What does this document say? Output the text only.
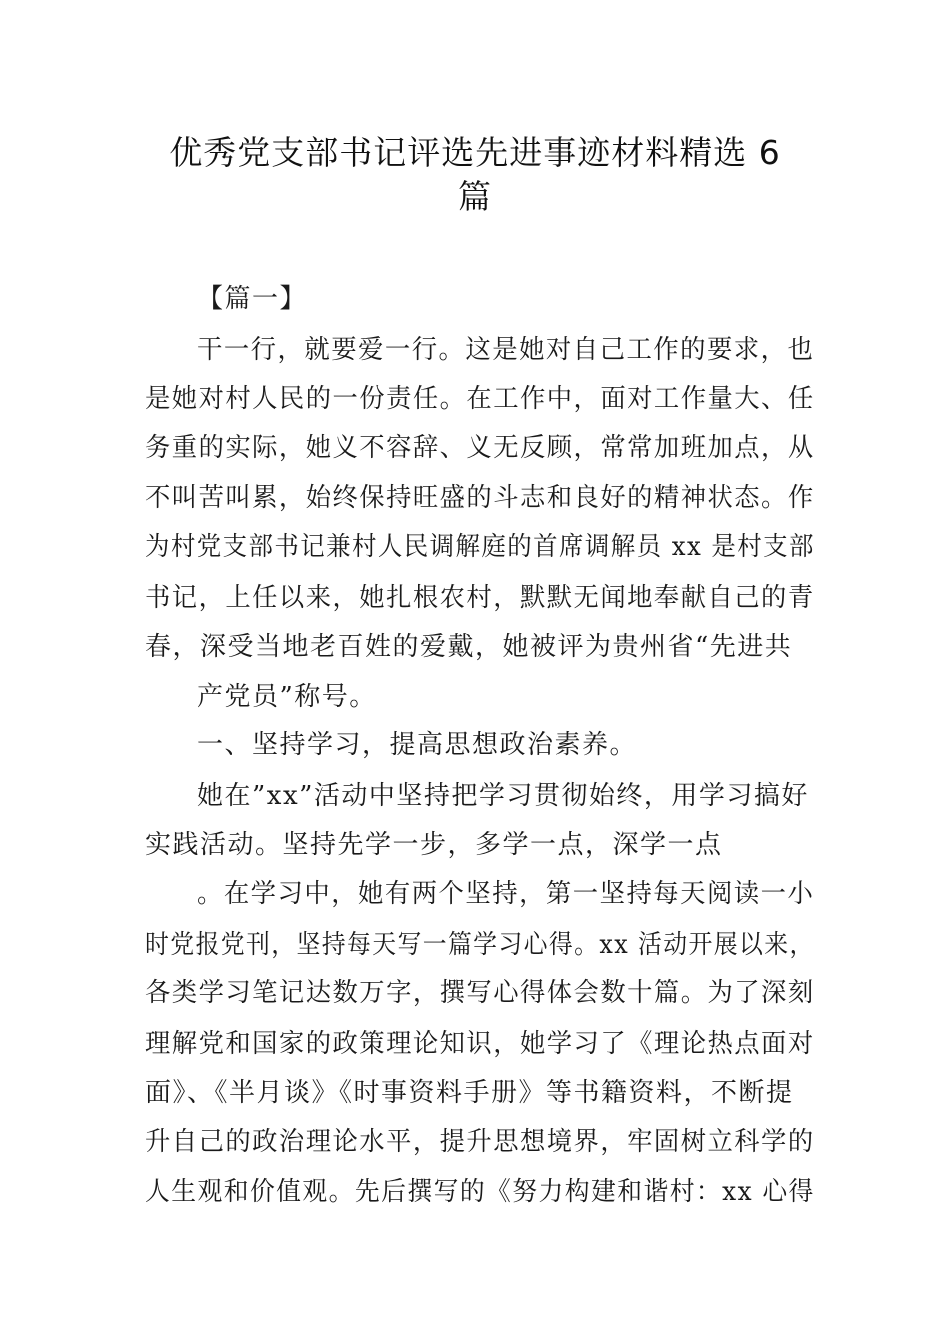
优秀党支部书记评选先进事迹材料精选 6
篇
【篇一】
干一行，就要爱一行。这是她对自己工作的要求，也
是她对村人民的一份责任。在工作中，面对工作量大、任
务重的实际，她义不容辞、义无反顾，常常加班加点，从
不叫苦叫累，始终保持旺盛的斗志和良好的精神状态。作
为村党支部书记兼村人民调解庭的首席调解员 xx 是村支部
书记，上任以来，她扎根农村，默默无闻地奉献自己的青
春，深受当地老百姓的爱戴，她被评为贵州省“先进共
产党员”称号。
一、坚持学习，提高思想政治素养。
她在”xx”活动中坚持把学习贯彻始终，用学习搞好
实践活动。坚持先学一步，多学一点，深学一点
。在学习中，她有两个坚持，第一坚持每天阅读一小
时党报党刊，坚持每天写一篇学习心得。xx 活动开展以来，
各类学习笔记达数万字，撰写心得体会数十篇。为了深刻
理解党和国家的政策理论知识，她学习了《理论热点面对
面》、《半月谈》《时事资料手册》等书籍资料，不断提
升自己的政治理论水平，提升思想境界，牢固树立科学的
人生观和价值观。先后撰写的《努力构建和谐村：xx 心得
